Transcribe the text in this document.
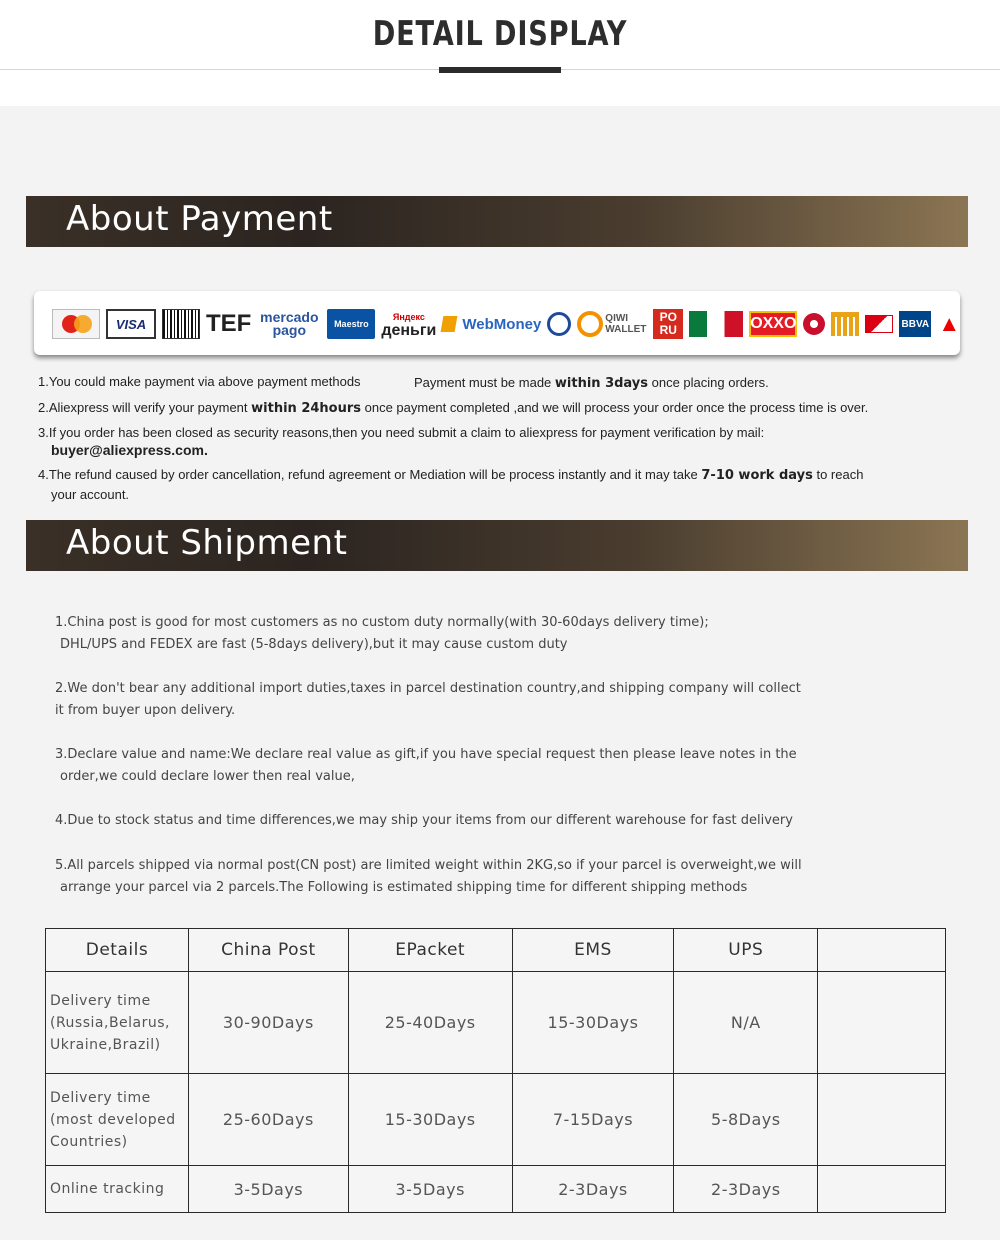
DETAIL DISPLAY
About Payment
VISA	TEF mercado pago	Maestro
Яндекс
деньги WebMoney	QIWI WALLET
PO RU	OXXO	BBVA ▲

1.You could make payment via above payment methods	Payment must be made within 3days once placing orders.

2.Aliexpress will verify your payment within 24hours once payment completed ,and we will process your order once the process time is over.

3.If you order has been closed as security reasons,then you need submit a claim to aliexpress for payment verification by mail:

buyer@aliexpress.com.

4.The refund caused by order cancellation, refund agreement or Mediation will be process instantly and it may take 7-10 work days to reach
your account.

About Shipment
1.China post is good for most customers as no custom duty normally(with 30-60days delivery time);
DHL/UPS and FEDEX are fast (5-8days delivery),but it may cause custom duty
2.We don't bear any additional import duties,taxes in parcel destination country,and shipping company will collect
it from buyer upon delivery.
3.Declare value and name:We declare real value as gift,if you have special request then please leave notes in the
order,we could declare lower then real value,
4.Due to stock status and time differences,we may ship your items from our different warehouse for fast delivery
5.All parcels shipped via normal post(CN post) are limited weight within 2KG,so if your parcel is overweight,we will
arrange your parcel via 2 parcels.The Following is estimated shipping time for different shipping methods
Details	China Post	EPacket	EMS	UPS	
Delivery time
(Russia,Belarus,
Ukraine,Brazil)	30-90Days	25-40Days	15-30Days	N/A	
Delivery time
(most developed
Countries)	25-60Days	15-30Days	7-15Days	5-8Days	
Online tracking	3-5Days	3-5Days	2-3Days	2-3Days	
